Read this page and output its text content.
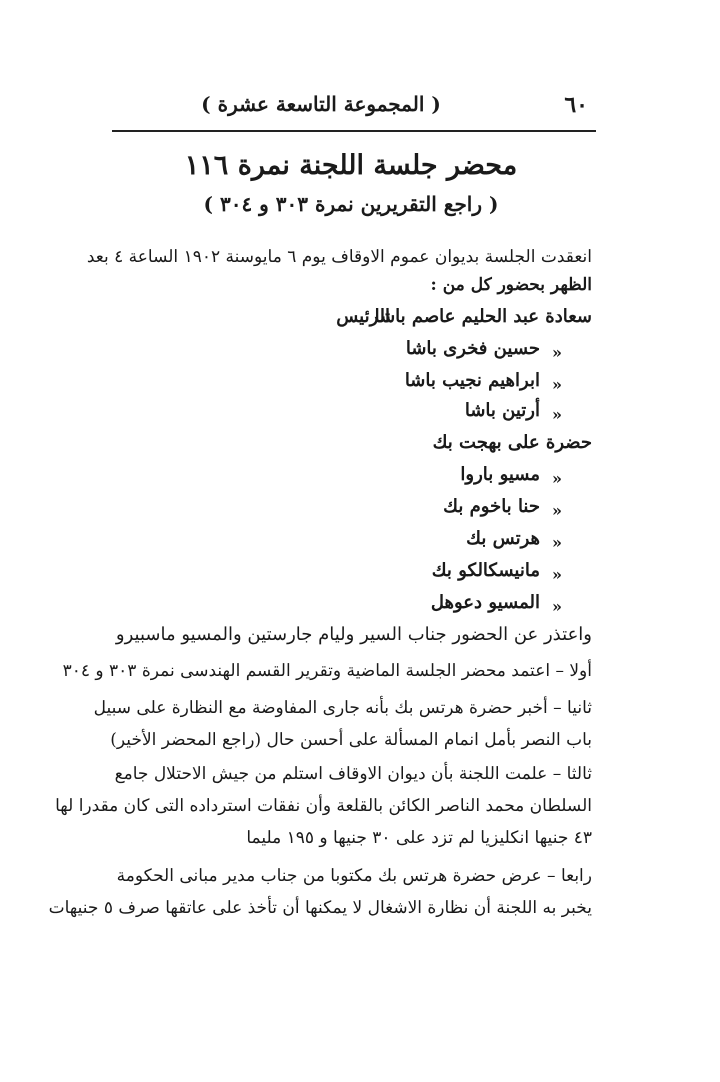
٦٠
( المجموعة التاسعة عشرة )
محضر جلسة اللجنة نمرة ١١٦
( راجع التقريرين نمرة ٣٠٣ و ٣٠٤ )
انعقدت الجلسة بديوان عموم الاوقاف يوم ٦ مايوسنة ١٩٠٢ الساعة ٤ بعد
الظهر بحضور كل من :
سعادة عبد الحليم عاصم باشا
الرئيس
«
حسين فخرى باشا
«
ابراهيم نجيب باشا
«
أرتين باشا
حضرة على بهجت بك
«
مسيو باروا
«
حنا باخوم بك
«
هرتس بك
«
مانيسكالكو بك
«
المسيو دعوهل
واعتذر عن الحضور جناب السير وليام جارستين والمسيو ماسبيرو
أولا – اعتمد محضر الجلسة الماضية وتقرير القسم الهندسى نمرة ٣٠٣ و ٣٠٤
ثانيا – أخبر حضرة هرتس بك بأنه جارى المفاوضة مع النظارة على سبيل
باب النصر بأمل انمام المسألة على أحسن حال (راجع المحضر الأخير)
ثالثا – علمت اللجنة بأن ديوان الاوقاف استلم من جيش الاحتلال جامع
السلطان محمد الناصر الكائن بالقلعة وأن نفقات استرداده التى كان مقدرا لها
٤٣ جنيها انكليزيا لم تزد على ٣٠ جنيها و ١٩٥ مليما
رابعا – عرض حضرة هرتس بك مكتوبا من جناب مدير مبانى الحكومة
يخبر به اللجنة أن نظارة الاشغال لا يمكنها أن تأخذ على عاتقها صرف ٥ جنيهات
